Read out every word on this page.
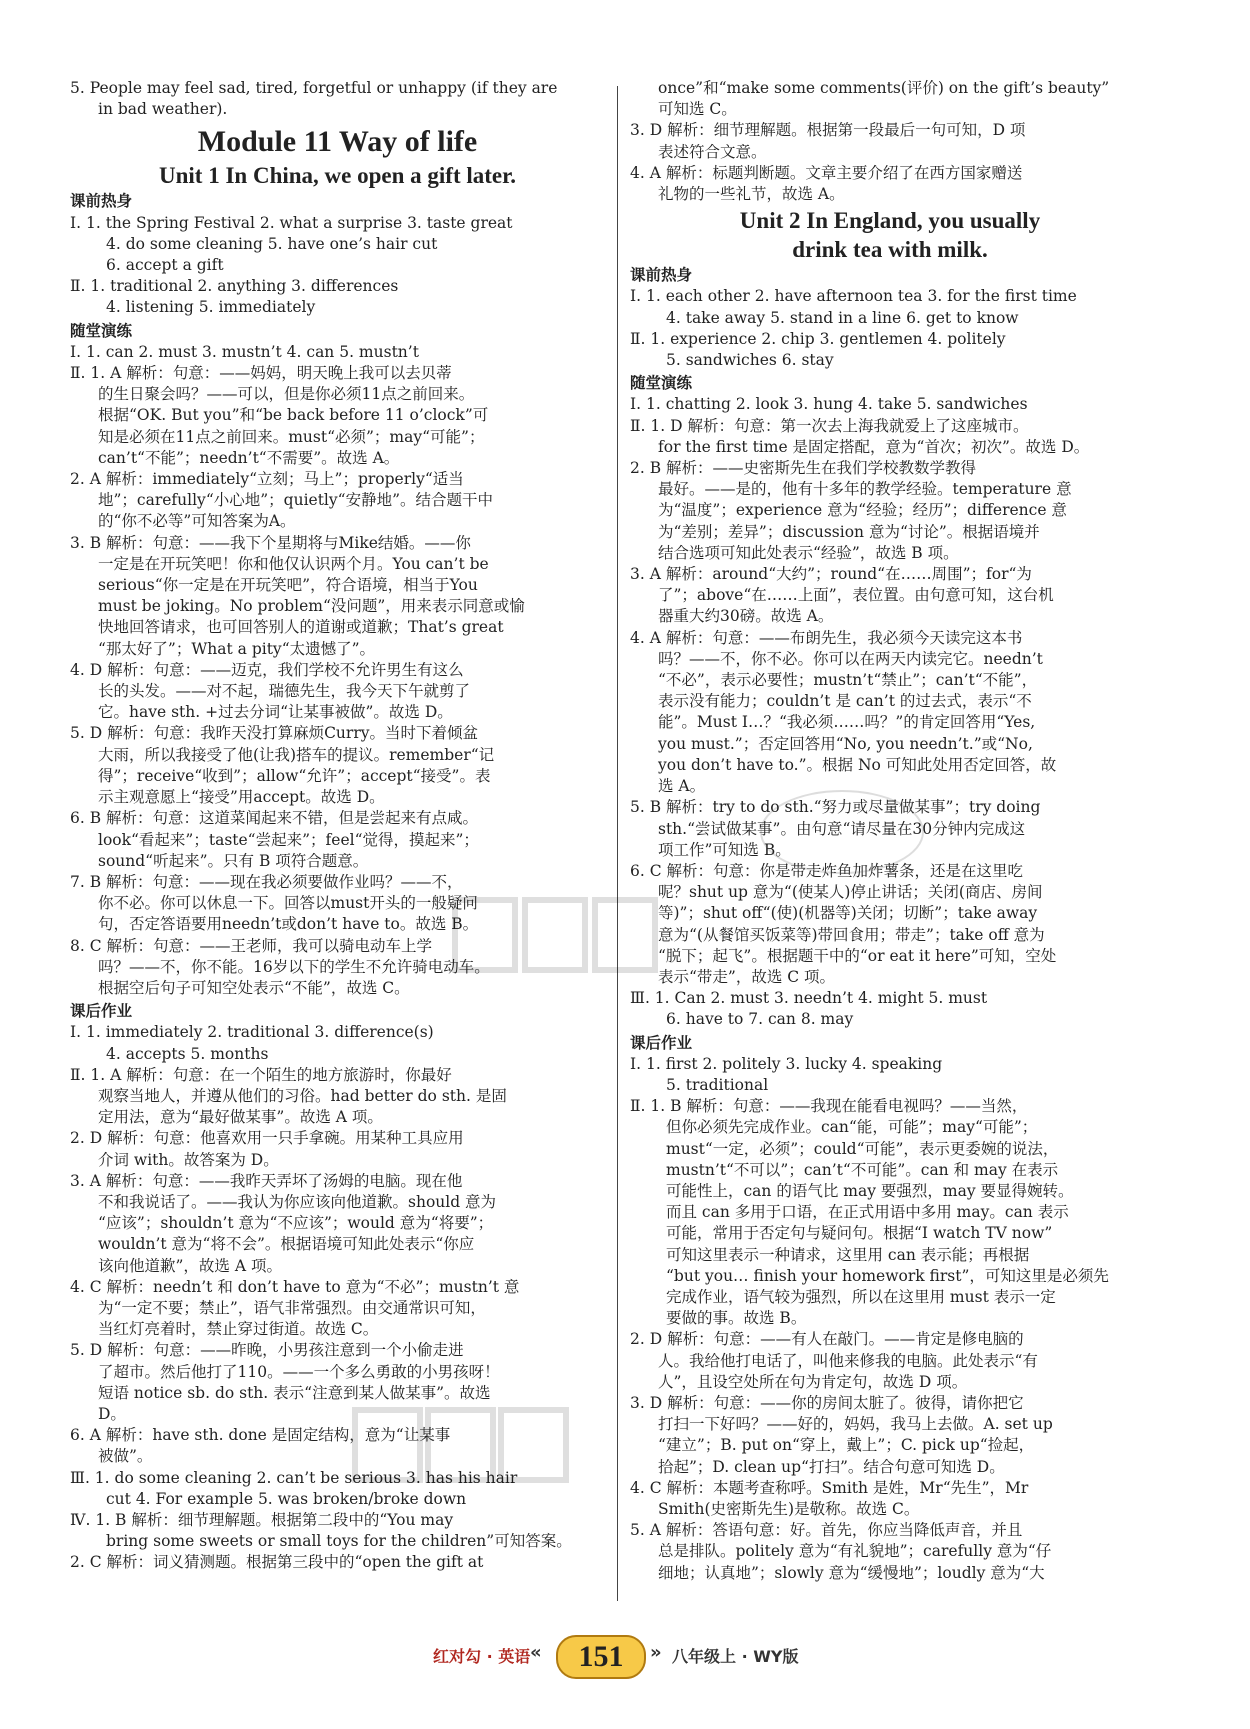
5. People may feel sad, tired, forgetful or unhappy (if they are
in bad weather).
Module 11 Way of life
Unit 1 In China, we open a gift later.
课前热身
Ⅰ. 1. the Spring Festival 2. what a surprise 3. taste great
4. do some cleaning 5. have one’s hair cut
6. accept a gift
Ⅱ. 1. traditional 2. anything 3. differences
4. listening 5. immediately
随堂演练
Ⅰ. 1. can 2. must 3. mustn’t 4. can 5. mustn’t
Ⅱ. 1. A 解析：句意：——妈妈，明天晚上我可以去贝蒂
的生日聚会吗？——可以，但是你必须11点之前回来。
根据“OK. But you”和“be back before 11 o’clock”可
知是必须在11点之前回来。must“必须”；may“可能”；
can’t“不能”；needn’t“不需要”。故选 A。
2. A 解析：immediately“立刻；马上”；properly“适当
地”；carefully“小心地”；quietly“安静地”。结合题干中
的“你不必等”可知答案为A。
3. B 解析：句意：——我下个星期将与Mike结婚。——你
一定是在开玩笑吧！你和他仅认识两个月。You can’t be
serious“你一定是在开玩笑吧”，符合语境，相当于You
must be joking。No problem“没问题”，用来表示同意或愉
快地回答请求，也可回答别人的道谢或道歉；That’s great
“那太好了”；What a pity“太遗憾了”。
4. D 解析：句意：——迈克，我们学校不允许男生有这么
长的头发。——对不起，瑞德先生，我今天下午就剪了
它。have sth. +过去分词“让某事被做”。故选 D。
5. D 解析：句意：我昨天没打算麻烦Curry。当时下着倾盆
大雨，所以我接受了他(让我)搭车的提议。remember“记
得”；receive“收到”；allow“允许”；accept“接受”。表
示主观意愿上“接受”用accept。故选 D。
6. B 解析：句意：这道菜闻起来不错，但是尝起来有点咸。
look“看起来”；taste“尝起来”；feel“觉得，摸起来”；
sound“听起来”。只有 B 项符合题意。
7. B 解析：句意：——现在我必须要做作业吗？——不，
你不必。你可以休息一下。回答以must开头的一般疑问
句，否定答语要用needn’t或don’t have to。故选 B。
8. C 解析：句意：——王老师，我可以骑电动车上学
吗？——不，你不能。16岁以下的学生不允许骑电动车。
根据空后句子可知空处表示“不能”，故选 C。
课后作业
Ⅰ. 1. immediately 2. traditional 3. difference(s)
4. accepts 5. months
Ⅱ. 1. A 解析：句意：在一个陌生的地方旅游时，你最好
观察当地人，并遵从他们的习俗。had better do sth. 是固
定用法，意为“最好做某事”。故选 A 项。
2. D 解析：句意：他喜欢用一只手拿碗。用某种工具应用
介词 with。故答案为 D。
3. A 解析：句意：——我昨天弄坏了汤姆的电脑。现在他
不和我说话了。——我认为你应该向他道歉。should 意为
“应该”；shouldn’t 意为“不应该”；would 意为“将要”；
wouldn’t 意为“将不会”。根据语境可知此处表示“你应
该向他道歉”，故选 A 项。
4. C 解析：needn’t 和 don’t have to 意为“不必”；mustn’t 意
为“一定不要；禁止”，语气非常强烈。由交通常识可知，
当红灯亮着时，禁止穿过街道。故选 C。
5. D 解析：句意：——昨晚，小男孩注意到一个小偷走进
了超市。然后他打了110。——一个多么勇敢的小男孩呀！
短语 notice sb. do sth. 表示“注意到某人做某事”。故选
D。
6. A 解析：have sth. done 是固定结构，意为“让某事
被做”。
Ⅲ. 1. do some cleaning 2. can’t be serious 3. has his hair
cut 4. For example 5. was broken/broke down
Ⅳ. 1. B 解析：细节理解题。根据第二段中的“You may
bring some sweets or small toys for the children”可知答案。
2. C 解析：词义猜测题。根据第三段中的“open the gift at
once”和“make some comments(评价) on the gift’s beauty”
可知选 C。
3. D 解析：细节理解题。根据第一段最后一句可知，D 项
表述符合文意。
4. A 解析：标题判断题。文章主要介绍了在西方国家赠送
礼物的一些礼节，故选 A。
Unit 2 In England, you usually
drink tea with milk.
课前热身
Ⅰ. 1. each other 2. have afternoon tea 3. for the first time
4. take away 5. stand in a line 6. get to know
Ⅱ. 1. experience 2. chip 3. gentlemen 4. politely
5. sandwiches 6. stay
随堂演练
Ⅰ. 1. chatting 2. look 3. hung 4. take 5. sandwiches
Ⅱ. 1. D 解析：句意：第一次去上海我就爱上了这座城市。
for the first time 是固定搭配，意为“首次；初次”。故选 D。
2. B 解析：——史密斯先生在我们学校教数学教得
最好。——是的，他有十多年的教学经验。temperature 意
为“温度”；experience 意为“经验；经历”；difference 意
为“差别；差异”；discussion 意为“讨论”。根据语境并
结合选项可知此处表示“经验”，故选 B 项。
3. A 解析：around“大约”；round“在……周围”；for“为
了”；above“在……上面”，表位置。由句意可知，这台机
器重大约30磅。故选 A。
4. A 解析：句意：——布朗先生，我必须今天读完这本书
吗？——不，你不必。你可以在两天内读完它。needn’t
“不必”，表示必要性；mustn’t“禁止”；can’t“不能”，
表示没有能力；couldn’t 是 can’t 的过去式，表示“不
能”。Must I…？“我必须……吗？”的肯定回答用“Yes,
you must.”；否定回答用“No, you needn’t.”或“No,
you don’t have to.”。根据 No 可知此处用否定回答，故
选 A。
5. B 解析：try to do sth.“努力或尽量做某事”；try doing
sth.“尝试做某事”。由句意“请尽量在30分钟内完成这
项工作”可知选 B。
6. C 解析：句意：你是带走炸鱼加炸薯条，还是在这里吃
呢？shut up 意为“(使某人)停止讲话；关闭(商店、房间
等)”；shut off“(使)(机器等)关闭；切断”；take away
意为“(从餐馆买饭菜等)带回食用；带走”；take off 意为
“脱下；起飞”。根据题干中的“or eat it here”可知，空处
表示“带走”，故选 C 项。
Ⅲ. 1. Can 2. must 3. needn’t 4. might 5. must
6. have to 7. can 8. may
课后作业
Ⅰ. 1. first 2. politely 3. lucky 4. speaking
5. traditional
Ⅱ. 1. B 解析：句意：——我现在能看电视吗？——当然，
但你必须先完成作业。can“能，可能”；may“可能”；
must“一定，必须”；could“可能”，表示更委婉的说法，
mustn’t“不可以”；can’t“不可能”。can 和 may 在表示
可能性上，can 的语气比 may 要强烈，may 要显得婉转。
而且 can 多用于口语，在正式用语中多用 may。can 表示
可能，常用于否定句与疑问句。根据“I watch TV now”
可知这里表示一种请求，这里用 can 表示能；再根据
“but you… finish your homework first”，可知这里是必须先
完成作业，语气较为强烈，所以在这里用 must 表示一定
要做的事。故选 B。
2. D 解析：句意：——有人在敲门。——肯定是修电脑的
人。我给他打电话了，叫他来修我的电脑。此处表示“有
人”，且设空处所在句为肯定句，故选 D 项。
3. D 解析：句意：——你的房间太脏了。彼得，请你把它
打扫一下好吗？——好的，妈妈，我马上去做。A. set up
“建立”；B. put on“穿上，戴上”；C. pick up“捡起，
拾起”；D. clean up“打扫”。结合句意可知选 D。
4. C 解析：本题考查称呼。Smith 是姓，Mr“先生”，Mr
Smith(史密斯先生)是敬称。故选 C。
5. A 解析：答语句意：好。首先，你应当降低声音，并且
总是排队。politely 意为“有礼貌地”；carefully 意为“仔
细地；认真地”；slowly 意为“缓慢地”；loudly 意为“大
红对勾 · 英语 «	151	» 八年级上 · WY版
